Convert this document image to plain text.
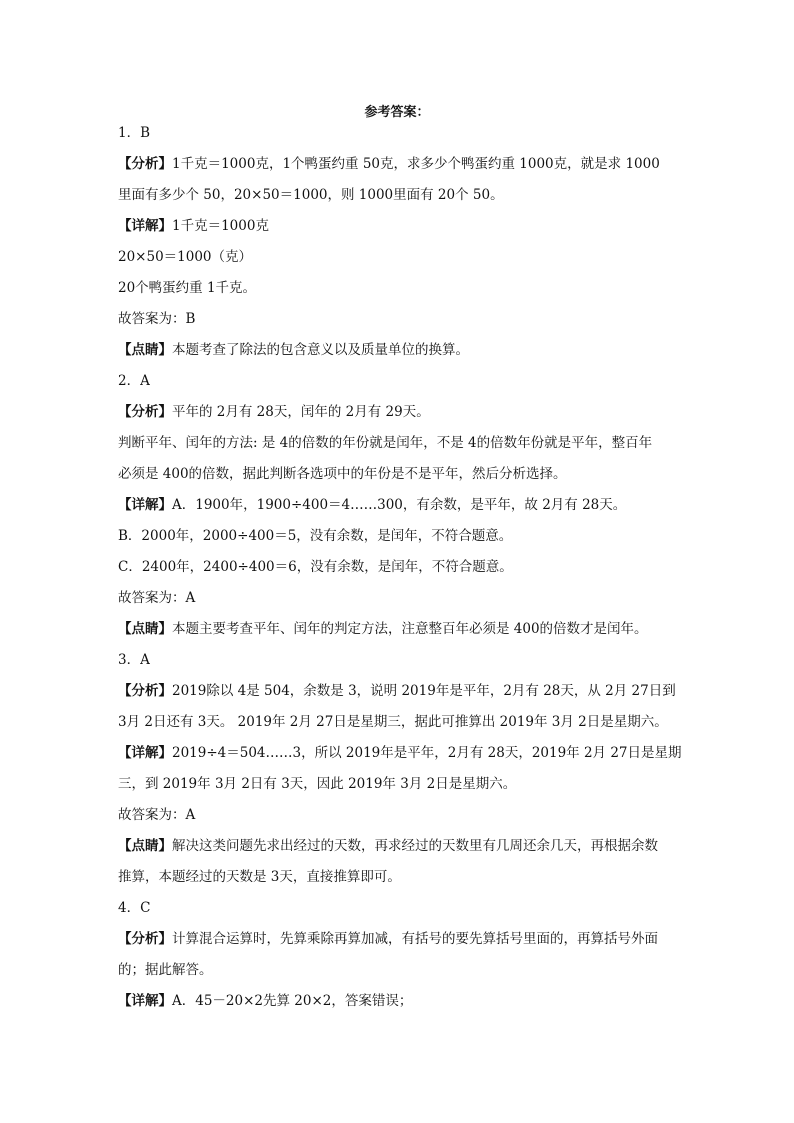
参考答案：
1．B
【分析】1千克＝1000克，1个鸭蛋约重 50克，求多少个鸭蛋约重 1000克，就是求 1000
里面有多少个 50，20×50＝1000，则 1000里面有 20个 50。
【详解】1千克＝1000克
20×50＝1000（克）
20个鸭蛋约重 1千克。
故答案为：B
【点睛】本题考查了除法的包含意义以及质量单位的换算。
2．A
【分析】平年的 2月有 28天，闰年的 2月有 29天。
判断平年、闰年的方法: 是 4的倍数的年份就是闰年，不是 4的倍数年份就是平年，整百年
必须是 400的倍数，据此判断各选项中的年份是不是平年，然后分析选择。
【详解】A．1900年，1900÷400＝4……300，有余数，是平年，故 2月有 28天。
B．2000年，2000÷400＝5，没有余数，是闰年，不符合题意。
C．2400年，2400÷400＝6，没有余数，是闰年，不符合题意。
故答案为：A
【点睛】本题主要考查平年、闰年的判定方法，注意整百年必须是 400的倍数才是闰年。
3．A
【分析】2019除以 4是 504，余数是 3，说明 2019年是平年，2月有 28天，从 2月 27日到
3月 2日还有 3天。 2019年 2月 27日是星期三，据此可推算出 2019年 3月 2日是星期六。
【详解】2019÷4＝504……3，所以 2019年是平年，2月有 28天，2019年 2月 27日是星期
三，到 2019年 3月 2日有 3天，因此 2019年 3月 2日是星期六。
故答案为：A
【点睛】解决这类问题先求出经过的天数，再求经过的天数里有几周还余几天，再根据余数
推算，本题经过的天数是 3天，直接推算即可。
4．C
【分析】计算混合运算时，先算乘除再算加减，有括号的要先算括号里面的，再算括号外面
的；据此解答。
【详解】A．45－20×2先算 20×2，答案错误；
